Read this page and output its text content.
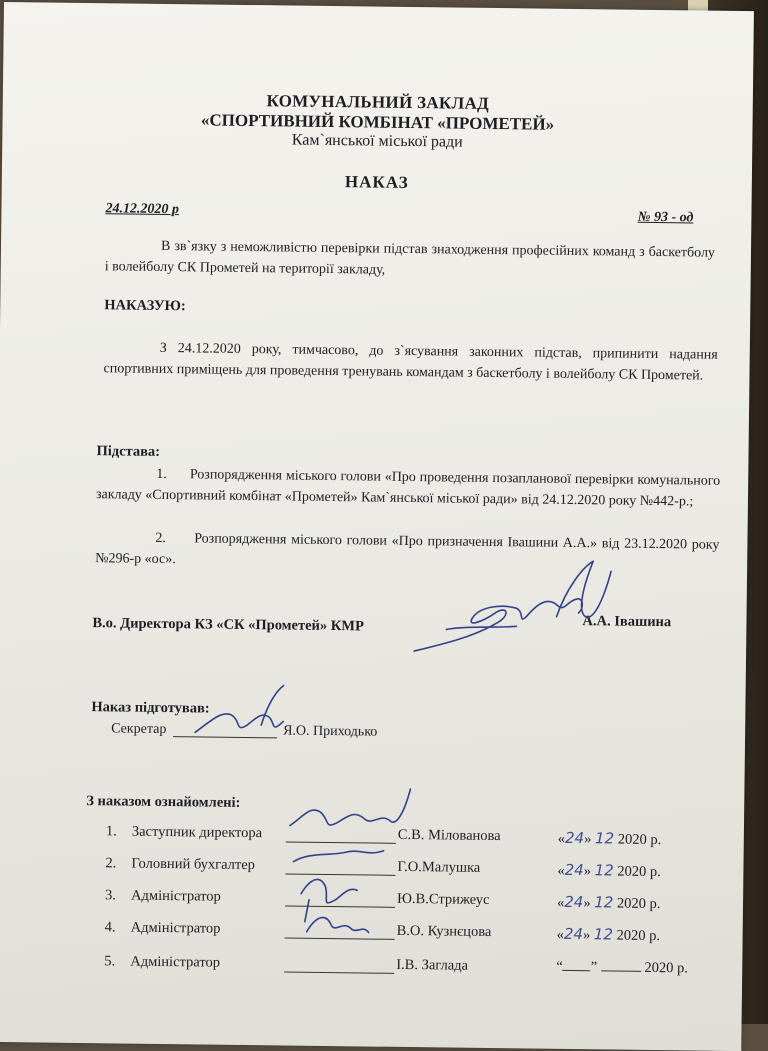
КОМУНАЛЬНИЙ ЗАКЛАД
«СПОРТИВНИЙ КОМБІНАТ «ПРОМЕТЕЙ»
Кам`янської міської ради
НАКАЗ
24.12.2020 р
№ 93 - од
В зв`язку з неможливістю перевірки підстав знаходження професійних команд з баскетболу і волейболу СК Прометей на території закладу,
НАКАЗУЮ:
З 24.12.2020 року, тимчасово, до з`ясування законних підстав, припинити надання спортивних приміщень для проведення тренувань командам з баскетболу і волейболу СК Прометей.
Підстава:
1. Розпорядження міського голови «Про проведення позапланової перевірки комунального закладу «Спортивний комбінат «Прометей» Кам`янської міської ради» від 24.12.2020 року №442-р.;
2. Розпорядження міського голови «Про призначення Івашини А.А.» від 23.12.2020 року №296-р «ос».
В.о. Директора КЗ «СК «Прометей» КМР	А.А. Івашина
Наказ підготував:
Секретар	Я.О. Приходько
З наказом ознайомлені:
1. Заступник директора	С.В. Мілованова	«24» 12 2020 р.
2. Головний бухгалтер	Г.О.Малушка	«24» 12 2020 р.
3. Адміністратор	Ю.В.Стрижеус	«24» 12 2020 р.
4. Адміністратор	В.О. Кузнєцова	«24» 12 2020 р.
5. Адміністратор	І.В. Заглада	“ ”	2020 р.
